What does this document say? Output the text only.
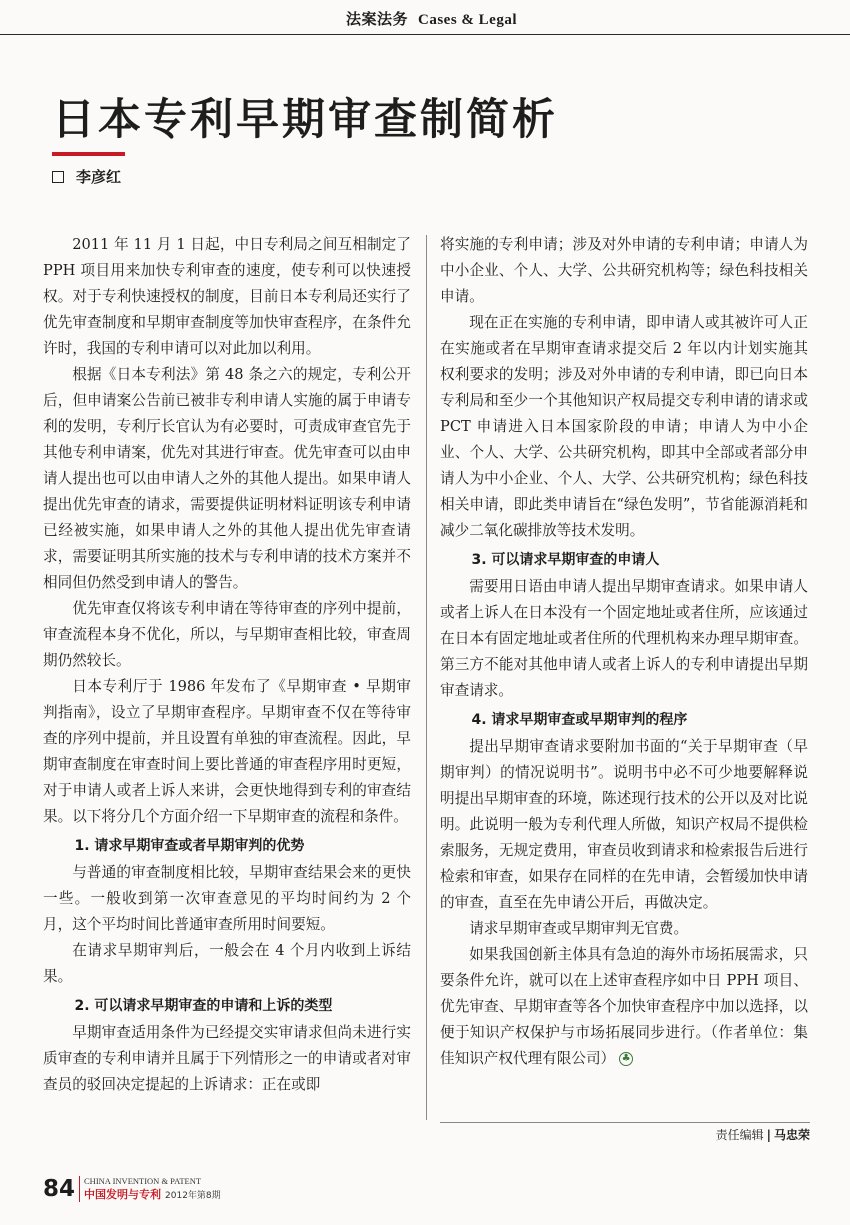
法案法务 Cases & Legal
日本专利早期审查制简析
李彦红

2011 年 11 月 1 日起，中日专利局之间互相制定了 PPH 项目用来加快专利审查的速度，使专利可以快速授权。对于专利快速授权的制度，目前日本专利局还实行了优先审查制度和早期审查制度等加快审查程序，在条件允许时，我国的专利申请可以对此加以利用。

根据《日本专利法》第 48 条之六的规定，专利公开后，但申请案公告前已被非专利申请人实施的属于申请专利的发明，专利厅长官认为有必要时，可责成审查官先于其他专利申请案，优先对其进行审查。优先审查可以由申请人提出也可以由申请人之外的其他人提出。如果申请人提出优先审查的请求，需要提供证明材料证明该专利申请已经被实施，如果申请人之外的其他人提出优先审查请求，需要证明其所实施的技术与专利申请的技术方案并不相同但仍然受到申请人的警告。

优先审查仅将该专利申请在等待审查的序列中提前，审查流程本身不优化，所以，与早期审查相比较，审查周期仍然较长。

日本专利厅于 1986 年发布了《早期审查 • 早期审判指南》，设立了早期审查程序。早期审查不仅在等待审查的序列中提前，并且设置有单独的审查流程。因此，早期审查制度在审查时间上要比普通的审查程序用时更短，对于申请人或者上诉人来讲，会更快地得到专利的审查结果。以下将分几个方面介绍一下早期审查的流程和条件。

1. 请求早期审查或者早期审判的优势

与普通的审查制度相比较，早期审查结果会来的更快一些。一般收到第一次审查意见的平均时间约为 2 个月，这个平均时间比普通审查所用时间要短。

在请求早期审判后，一般会在 4 个月内收到上诉结果。

2. 可以请求早期审查的申请和上诉的类型

早期审查适用条件为已经提交实审请求但尚未进行实质审查的专利申请并且属于下列情形之一的申请或者对审查员的驳回决定提起的上诉请求：正在或即

将实施的专利申请；涉及对外申请的专利申请；申请人为中小企业、个人、大学、公共研究机构等；绿色科技相关申请。

现在正在实施的专利申请，即申请人或其被许可人正在实施或者在早期审查请求提交后 2 年以内计划实施其权利要求的发明；涉及对外申请的专利申请，即已向日本专利局和至少一个其他知识产权局提交专利申请的请求或 PCT 申请进入日本国家阶段的申请；申请人为中小企业、个人、大学、公共研究机构，即其中全部或者部分申请人为中小企业、个人、大学、公共研究机构；绿色科技相关申请，即此类申请旨在“绿色发明”，节省能源消耗和减少二氧化碳排放等技术发明。

3. 可以请求早期审查的申请人

需要用日语由申请人提出早期审查请求。如果申请人或者上诉人在日本没有一个固定地址或者住所，应该通过在日本有固定地址或者住所的代理机构来办理早期审查。第三方不能对其他申请人或者上诉人的专利申请提出早期审查请求。

4. 请求早期审查或早期审判的程序

提出早期审查请求要附加书面的“关于早期审查（早期审判）的情况说明书”。说明书中必不可少地要解释说明提出早期审查的环境，陈述现行技术的公开以及对比说明。此说明一般为专利代理人所做，知识产权局不提供检索服务，无规定费用，审查员收到请求和检索报告后进行检索和审查，如果存在同样的在先申请，会暂缓加快申请的审查，直至在先申请公开后，再做决定。

请求早期审查或早期审判无官费。

如果我国创新主体具有急迫的海外市场拓展需求，只要条件允许，就可以在上述审查程序如中日 PPH 项目、优先审查、早期审查等各个加快审查程序中加以选择，以便于知识产权保护与市场拓展同步进行。（作者单位：集佳知识产权代理有限公司） ♣

责任编辑 | 马忠荣
84 CHINA INVENTION & PATENT
中国发明与专利 2012年第8期
